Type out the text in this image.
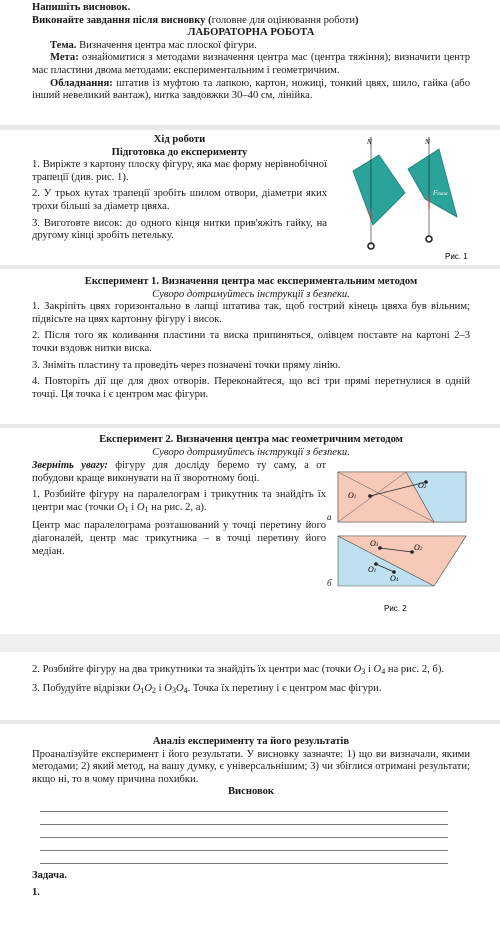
Напишіть висновок.

Виконайте завдання після висновку (головне для оцінювання роботи)

ЛАБОРАТОРНА РОБОТА

Тема. Визначення центра мас плоскої фігури.

Мета: ознайомитися з методами визначення центра мас (центра тяжіння); визначити центр мас пластини двома методами: експериментальним і геометричним.

Обладнання: штатив із муфтою та лапкою, картон, ножиці, тонкий цвях, шило, гайка (або інший невеликий вантаж), нитка завдовжки 30–40 см, лінійка.

Хід роботи

Підготовка до експерименту

1. Виріжте з картону плоску фігуру, яка має форму нерівнобічної трапеції (див. рис. 1).

2. У трьох кутах трапеції зробіть шилом отвори, діаметри яких трохи більші за діаметр цвяха.

3. Виготовте висок: до одного кінця нитки прив'яжіть гайку, на другому кінці зробіть петельку.

N	N
Fтяж
Fтяж
Рис. 1

Експеримент 1. Визначення центра мас експериментальним методом

Суворо дотримуйтесь інструкції з безпеки.

1. Закріпіть цвях горизонтально в лапці штатива так, щоб гострий кінець цвяха був вільним; підвісьте на цвях картонну фігуру і висок.

2. Після того як коливання пластини та виска припиняться, олівцем поставте на картоні 2–3 точки вздовж нитки виска.

3. Зніміть пластину та проведіть через позначені точки пряму лінію.

4. Повторіть дії ще для двох отворів. Переконайтеся, що всі три прямі перетнулися в одній точці. Ця точка і є центром мас фігури.

Експеримент 2. Визначення центра мас геометричним методом

Суворо дотримуйтесь інструкції з безпеки.

Зверніть увагу: фігуру для досліду беремо ту саму, а от побудови краще виконувати на її зворотному боці.

1. Розбийте фігуру на паралелограм і трикутник та знайдіть їх центри мас (точки $O_1$ і $O_1$ на рис. 2, а).

Центр мас паралелограма розташований у точці перетину його діагоналей, центр мас трикутника – в точці перетину його медіан.

O1
O2
O3	O2
O1
O4
Рис. 2
а
б

2. Розбийте фігуру на два трикутники та знайдіть їх центри мас (точки $O_3$ і $O_4$ на рис. 2, б).

3. Побудуйте відрізки $O_1O_2$ і $O_3O_4$. Точка їх перетину і є центром мас фігури.

Аналіз експерименту та його результатів

Проаналізуйте експеримент і його результати. У висновку зазначте: 1) що ви визначали, якими методами; 2) який метод, на вашу думку, є універсальнішим; 3) чи збіглися отримані результати; якщо ні, то в чому причина похибки.

Висновок

Задача.

1.
